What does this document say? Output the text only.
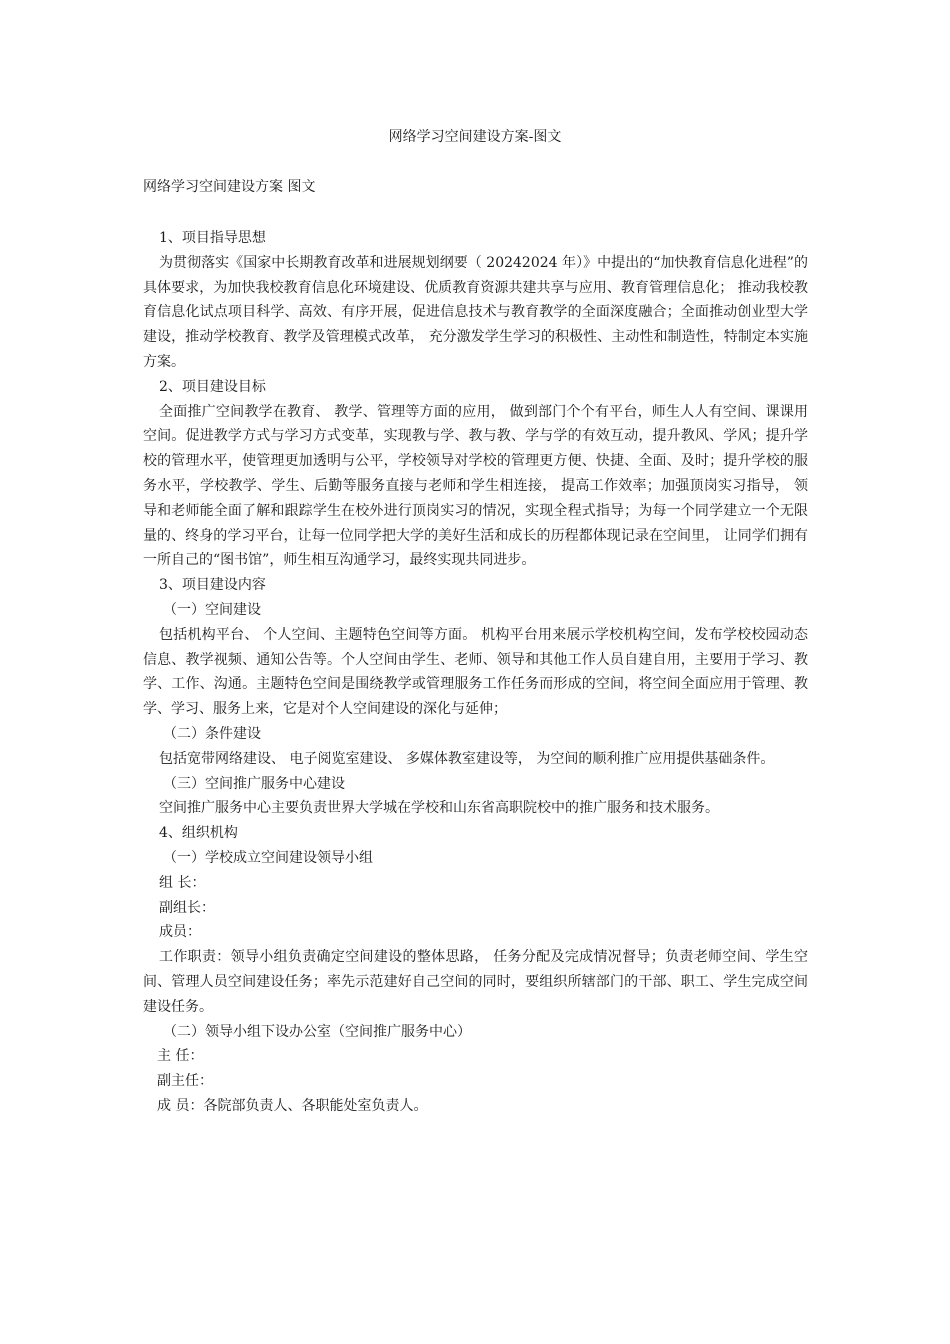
网络学习空间建设方案-图文
网络学习空间建设方案 图文

1、项目指导思想

为贯彻落实《国家中长期教育改革和进展规划纲要（ 20242024 年）》中提出的“加快教育信息化进程”的具体要求，为加快我校教育信息化环境建设、优质教育资源共建共享与应用、教育管理信息化； 推动我校教育信息化试点项目科学、高效、有序开展，促进信息技术与教育教学的全面深度融合；全面推动创业型大学建设，推动学校教育、教学及管理模式改革， 充分激发学生学习的积极性、主动性和制造性，特制定本实施方案。

2、项目建设目标

全面推广空间教学在教育、 教学、管理等方面的应用， 做到部门个个有平台，师生人人有空间、课课用空间。促进教学方式与学习方式变革，实现教与学、教与教、学与学的有效互动，提升教风、学风；提升学校的管理水平，使管理更加透明与公平，学校领导对学校的管理更方便、快捷、全面、及时；提升学校的服务水平，学校教学、学生、后勤等服务直接与老师和学生相连接， 提高工作效率；加强顶岗实习指导， 领导和老师能全面了解和跟踪学生在校外进行顶岗实习的情况，实现全程式指导；为每一个同学建立一个无限量的、终身的学习平台，让每一位同学把大学的美好生活和成长的历程都体现记录在空间里， 让同学们拥有一所自己的“图书馆”，师生相互沟通学习，最终实现共同进步。

3、项目建设内容

（一）空间建设

包括机构平台、 个人空间、主题特色空间等方面。 机构平台用来展示学校机构空间，发布学校校园动态信息、教学视频、通知公告等。个人空间由学生、老师、领导和其他工作人员自建自用，主要用于学习、教学、工作、沟通。主题特色空间是围绕教学或管理服务工作任务而形成的空间，将空间全面应用于管理、教学、学习、服务上来，它是对个人空间建设的深化与延伸；

（二）条件建设

包括宽带网络建设、 电子阅览室建设、 多媒体教室建设等， 为空间的顺利推广应用提供基础条件。

（三）空间推广服务中心建设

空间推广服务中心主要负责世界大学城在学校和山东省高职院校中的推广服务和技术服务。

4、组织机构

（一）学校成立空间建设领导小组

组 长：

副组长：

成员：

工作职责：领导小组负责确定空间建设的整体思路， 任务分配及完成情况督导；负责老师空间、学生空间、管理人员空间建设任务；率先示范建好自己空间的同时，要组织所辖部门的干部、职工、学生完成空间建设任务。

（二）领导小组下设办公室（空间推广服务中心）

主 任：

副主任：

成 员：各院部负责人、各职能处室负责人。
